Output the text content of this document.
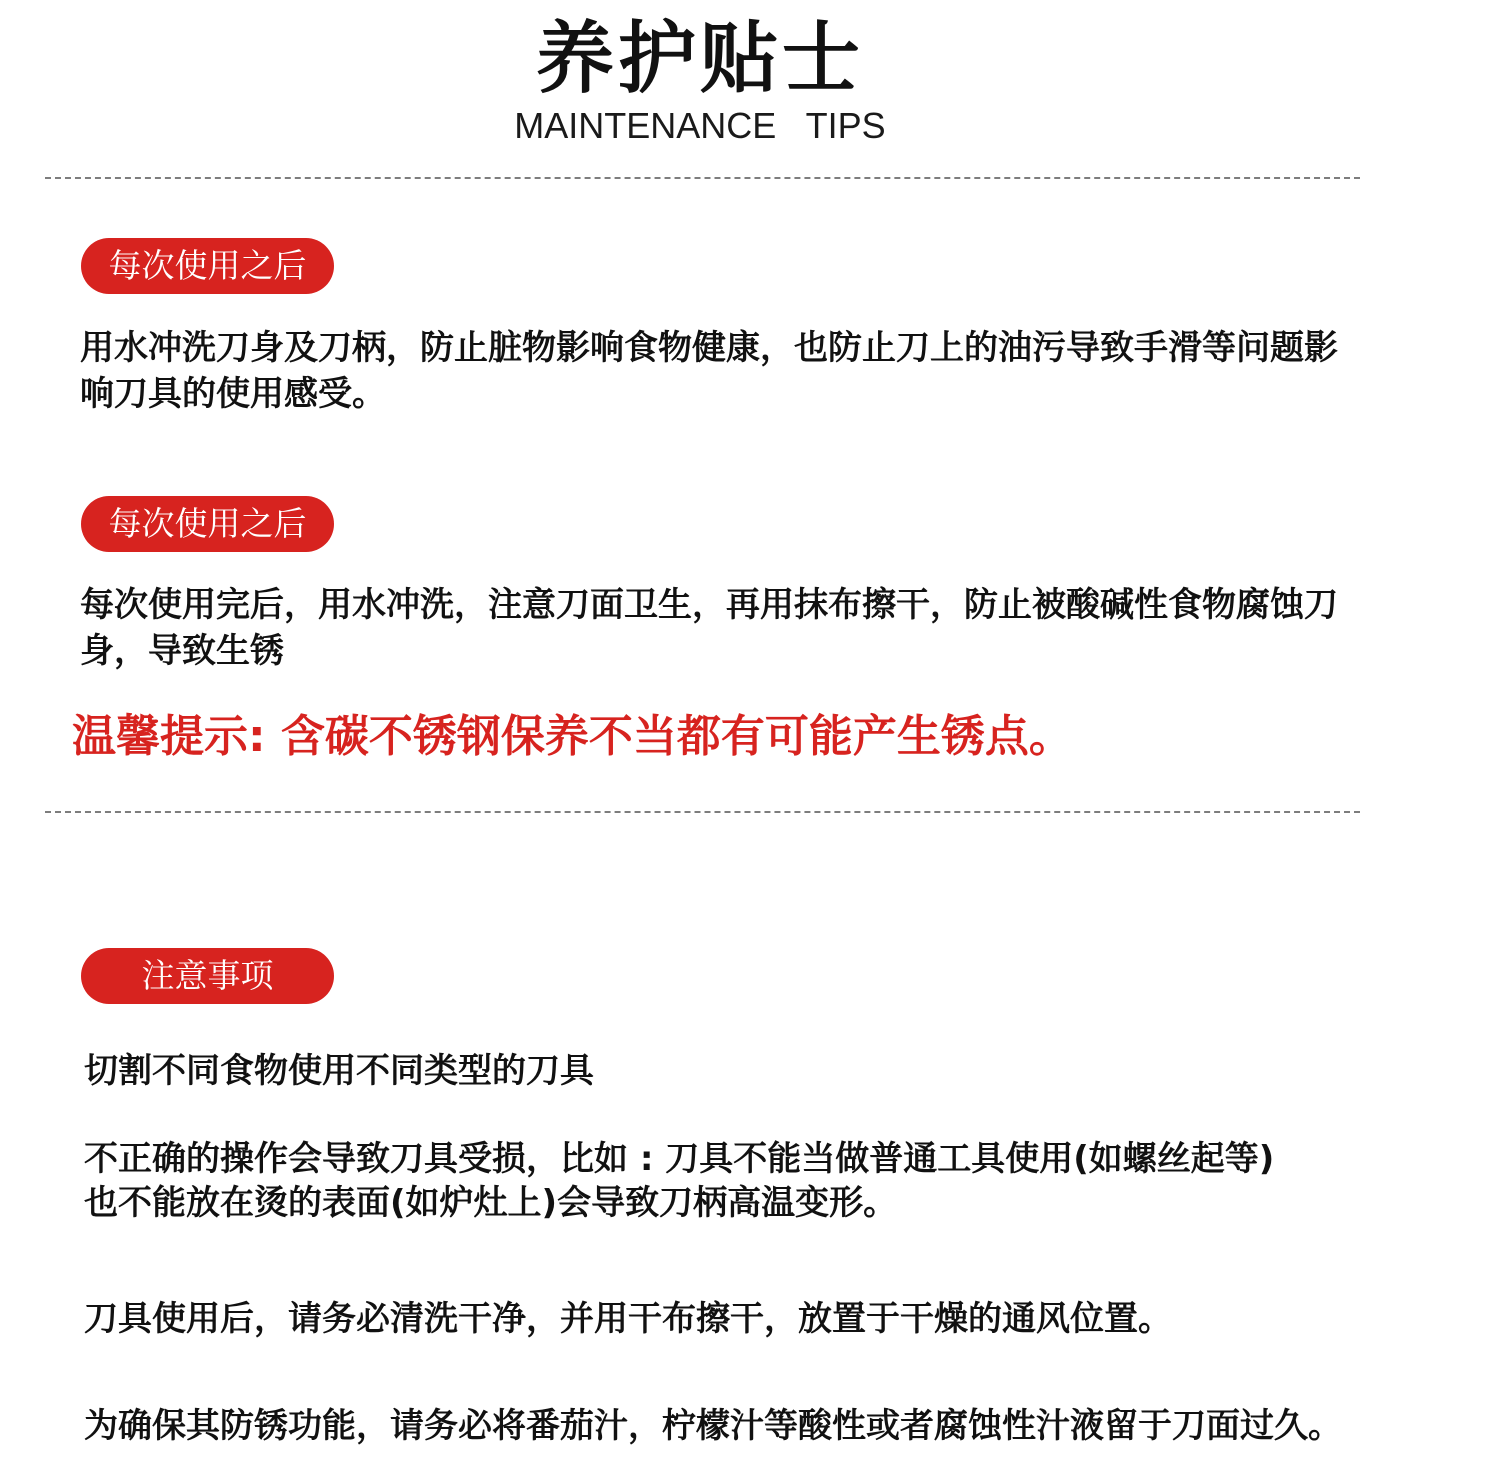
养护贴士
MAINTENANCE   TIPS
每次使用之后

用水冲洗刀身及刀柄，防止脏物影响食物健康，也防止刀上的油污导致手滑等问题影响刀具的使用感受。

每次使用之后

每次使用完后，用水冲洗，注意刀面卫生，再用抹布擦干，防止被酸碱性食物腐蚀刀身，导致生锈

温馨提示: 含碳不锈钢保养不当都有可能产生锈点。
注意事项

切割不同食物使用不同类型的刀具

不正确的操作会导致刀具受损，比如 : 刀具不能当做普通工具使用(如螺丝起等)

也不能放在烫的表面(如炉灶上)会导致刀柄高温变形。

刀具使用后，请务必清洗干净，并用干布擦干，放置于干燥的通风位置。

为确保其防锈功能，请务必将番茄汁，柠檬汁等酸性或者腐蚀性汁液留于刀面过久。
